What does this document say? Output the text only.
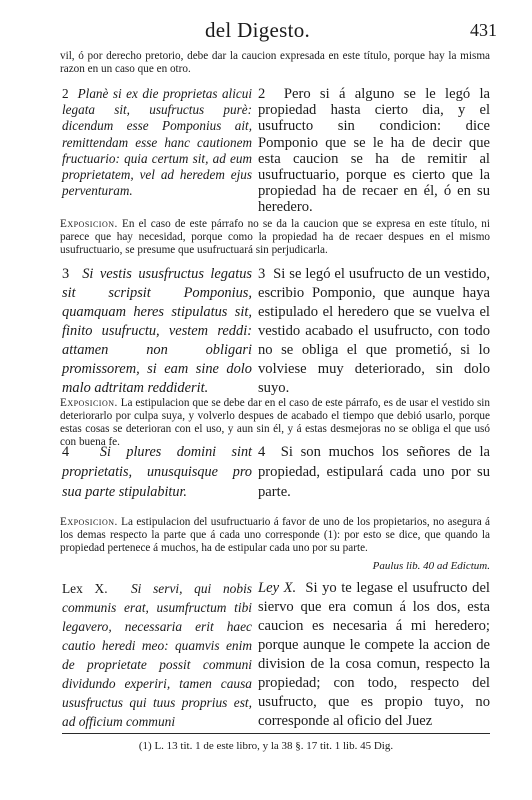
del Digesto.	431
vil, ó por derecho pretorio, debe dar la caucion expresada en este título, porque hay la misma razon en un caso que en otro.
2 Planè si ex die proprietas alicui legata sit, usufructus purè: dicendum esse Pomponius ait, remittendam esse hanc cautionem fructuario: quia certum sit, ad eum proprietatem, vel ad heredem ejus perventuram.
2 Pero si á alguno se le legó la propiedad hasta cierto dia, y el usufructo sin condicion: dice Pomponio que se le ha de decir que esta caucion se ha de remitir al usufructuario, porque es cierto que la propiedad ha de recaer en él, ó en su heredero.
Exposicion. En el caso de este párrafo no se da la caucion que se expresa en este título, ni parece que hay necesidad, porque como la propiedad ha de recaer despues en el mismo usufructuario, se presume que usufructuará sin perjudicarla.
3 Si vestis ususfructus legatus sit scripsit Pomponius, quamquam heres stipulatus sit, finito usufructu, vestem reddi: attamen non obligari promissorem, si eam sine dolo malo adtritam reddiderit.
3 Si se legó el usufructo de un vestido, escribio Pomponio, que aunque haya estipulado el heredero que se vuelva el vestido acabado el usufructo, con todo no se obliga el que prometió, si lo volviese muy deteriorado, sin dolo suyo.
Exposicion. La estipulacion que se debe dar en el caso de este párrafo, es de usar el vestido sin deteriorarlo por culpa suya, y volverlo despues de acabado el tiempo que debió usarlo, porque estas cosas se deterioran con el uso, y aun sin él, y á estas desmejoras no se obliga el que usó con buena fe.
4 Si plures domini sint proprietatis, unusquisque pro sua parte stipulabitur.
4 Si son muchos los señores de la propiedad, estipulará cada uno por su parte.
Exposicion. La estipulacion del usufructuario á favor de uno de los propietarios, no asegura á los demas respecto la parte que á cada uno corresponde (1): por esto se dice, que quando la propiedad pertenece á muchos, ha de estipular cada uno por su parte.
Paulus lib. 40 ad Edictum.
Lex X. Si servi, qui nobis communis erat, usumfructum tibi legavero, necessaria erit haec cautio heredi meo: quamvis enim de proprietate possit communi dividundo experiri, tamen causa ususfructus qui tuus proprius est, ad officium communi
Ley X. Si yo te legase el usufructo del siervo que era comun á los dos, esta caucion es necesaria á mi heredero; porque aunque le compete la accion de division de la cosa comun, respecto la propiedad; con todo, respecto del usufructo, que es propio tuyo, no corresponde al oficio del Juez
(1) L. 13 tit. 1 de este libro, y la 38 §. 17 tit. 1 lib. 45 Dig.
